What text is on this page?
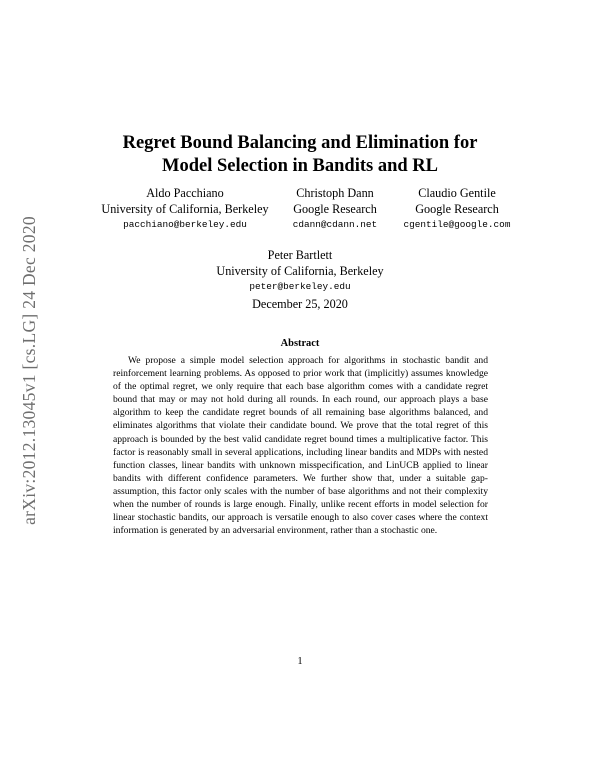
arXiv:2012.13045v1 [cs.LG] 24 Dec 2020
Regret Bound Balancing and Elimination for
Model Selection in Bandits and RL
Aldo Pacchiano
University of California, Berkeley
pacchiano@berkeley.edu
Christoph Dann
Google Research
cdann@cdann.net
Claudio Gentile
Google Research
cgentile@google.com
Peter Bartlett
University of California, Berkeley
peter@berkeley.edu
December 25, 2020
Abstract

We propose a simple model selection approach for algorithms in stochastic bandit and reinforcement learning problems. As opposed to prior work that (implicitly) assumes knowledge of the optimal regret, we only require that each base algorithm comes with a candidate regret bound that may or may not hold during all rounds. In each round, our approach plays a base algorithm to keep the candidate regret bounds of all remaining base algorithms balanced, and eliminates algorithms that violate their candidate bound. We prove that the total regret of this approach is bounded by the best valid candidate regret bound times a multiplicative factor. This factor is reasonably small in several applications, including linear bandits and MDPs with nested function classes, linear bandits with unknown misspecification, and LinUCB applied to linear bandits with different confidence parameters. We further show that, under a suitable gap-assumption, this factor only scales with the number of base algorithms and not their complexity when the number of rounds is large enough. Finally, unlike recent efforts in model selection for linear stochastic bandits, our approach is versatile enough to also cover cases where the context information is generated by an adversarial environment, rather than a stochastic one.

1
